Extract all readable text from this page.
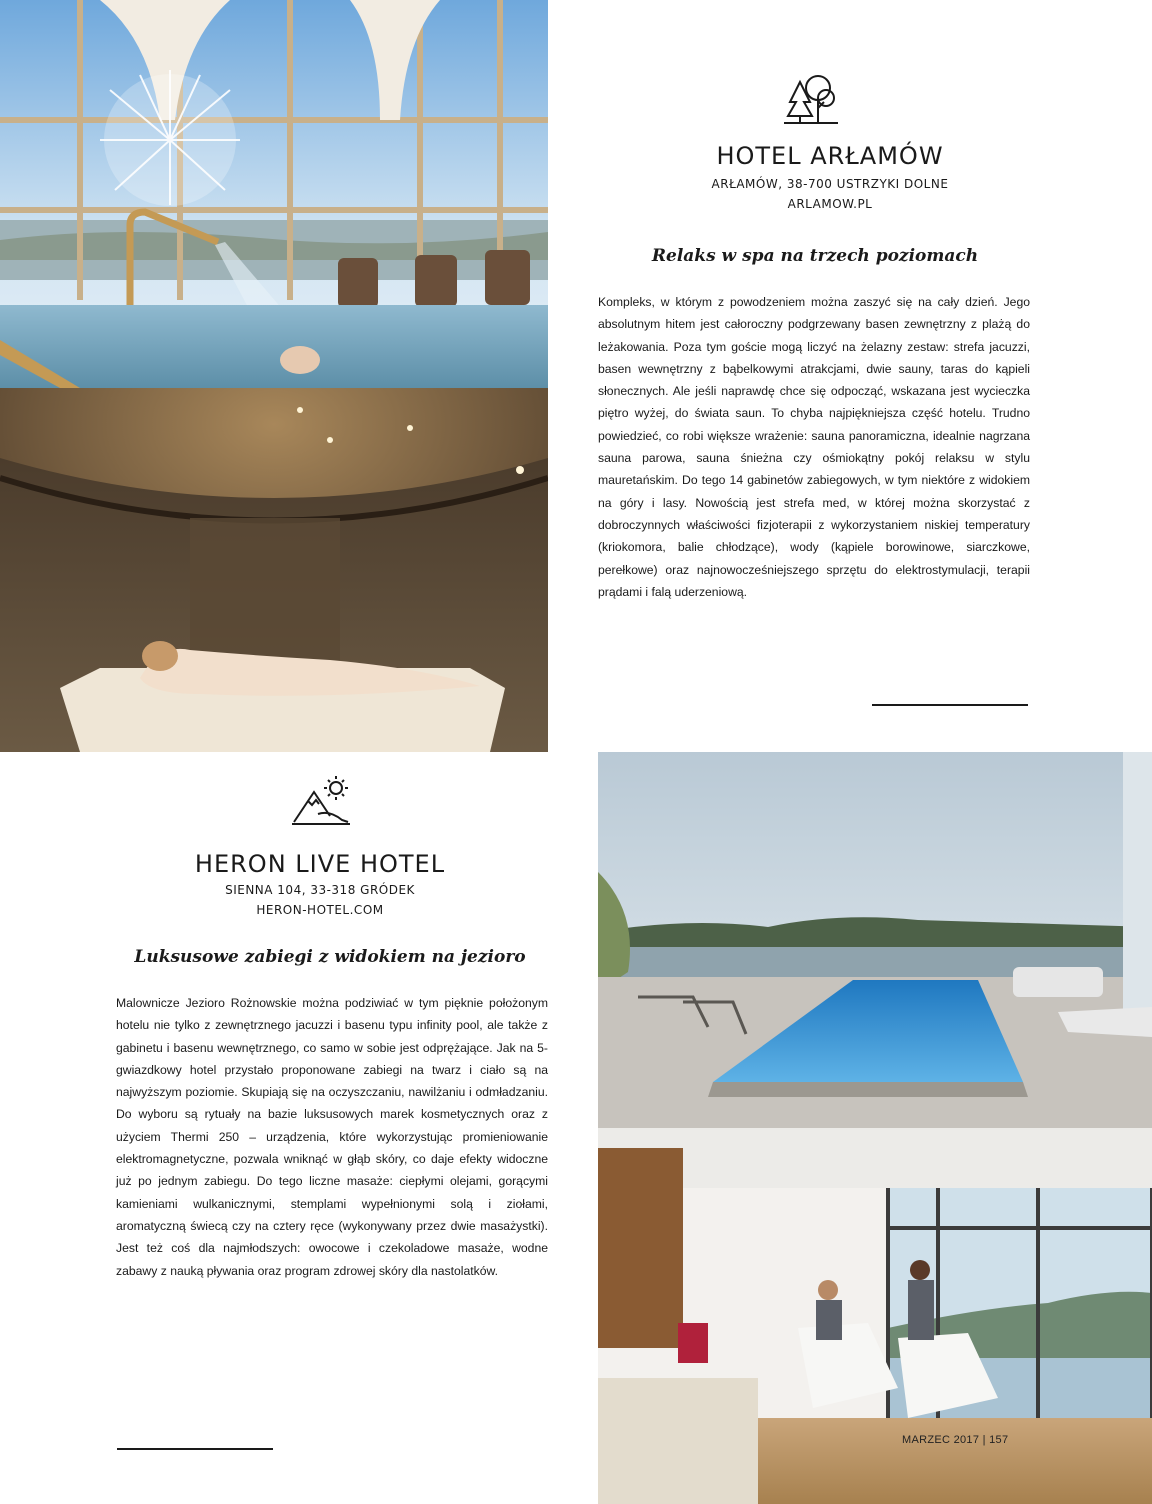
HOTEL ARŁAMÓW
ARŁAMÓW, 38-700 USTRZYKI DOLNE
ARLAMOW.PL
Relaks w spa na trzech poziomach

Kompleks, w którym z powodzeniem można zaszyć się na cały dzień. Jego absolutnym hitem jest całoroczny podgrzewany basen zewnętrzny z plażą do leżakowania. Poza tym goście mogą liczyć na żelazny zestaw: strefa jacuzzi, basen wewnętrzny z bąbelkowymi atrakcjami, dwie sauny, taras do kąpieli słonecznych. Ale jeśli naprawdę chce się odpocząć, wskazana jest wycieczka piętro wyżej, do świata saun. To chyba najpiękniejsza część hotelu. Trudno powiedzieć, co robi większe wrażenie: sauna panoramiczna, idealnie nagrzana sauna parowa, sauna śnieżna czy ośmiokątny pokój relaksu w stylu mauretańskim. Do tego 14 gabinetów zabiegowych, w tym niektóre z widokiem na góry i lasy. Nowością jest strefa med, w której można skorzystać z dobroczynnych właściwości fizjoterapii z wykorzystaniem niskiej temperatury (kriokomora, balie chłodzące), wody (kąpiele borowinowe, siarczkowe, perełkowe) oraz najnowocześniejszego sprzętu do elektrostymulacji, terapii prądami i falą uderzeniową.

HERON LIVE HOTEL
SIENNA 104, 33-318 GRÓDEK
HERON-HOTEL.COM
Luksusowe zabiegi z widokiem na jezioro

Malownicze Jezioro Rożnowskie można podziwiać w tym pięknie położonym hotelu nie tylko z zewnętrznego jacuzzi i basenu typu infinity pool, ale także z gabinetu i basenu wewnętrznego, co samo w sobie jest odprężające. Jak na 5-gwiazdkowy hotel przystało proponowane zabiegi na twarz i ciało są na najwyższym poziomie. Skupiają się na oczyszczaniu, nawilżaniu i odmładzaniu. Do wyboru są rytuały na bazie luksusowych marek kosmetycznych oraz z użyciem Thermi 250 – urządzenia, które wykorzystując promieniowanie elektromagnetyczne, pozwala wniknąć w głąb skóry, co daje efekty widoczne już po jednym zabiegu. Do tego liczne masaże: ciepłymi olejami, gorącymi kamieniami wulkanicznymi, stemplami wypełnionymi solą i ziołami, aromatyczną świecą czy na cztery ręce (wykonywany przez dwie masażystki). Jest też coś dla najmłodszych: owocowe i czekoladowe masaże, wodne zabawy z nauką pływania oraz program zdrowej skóry dla nastolatków.

MARZEC 2017 | 157
